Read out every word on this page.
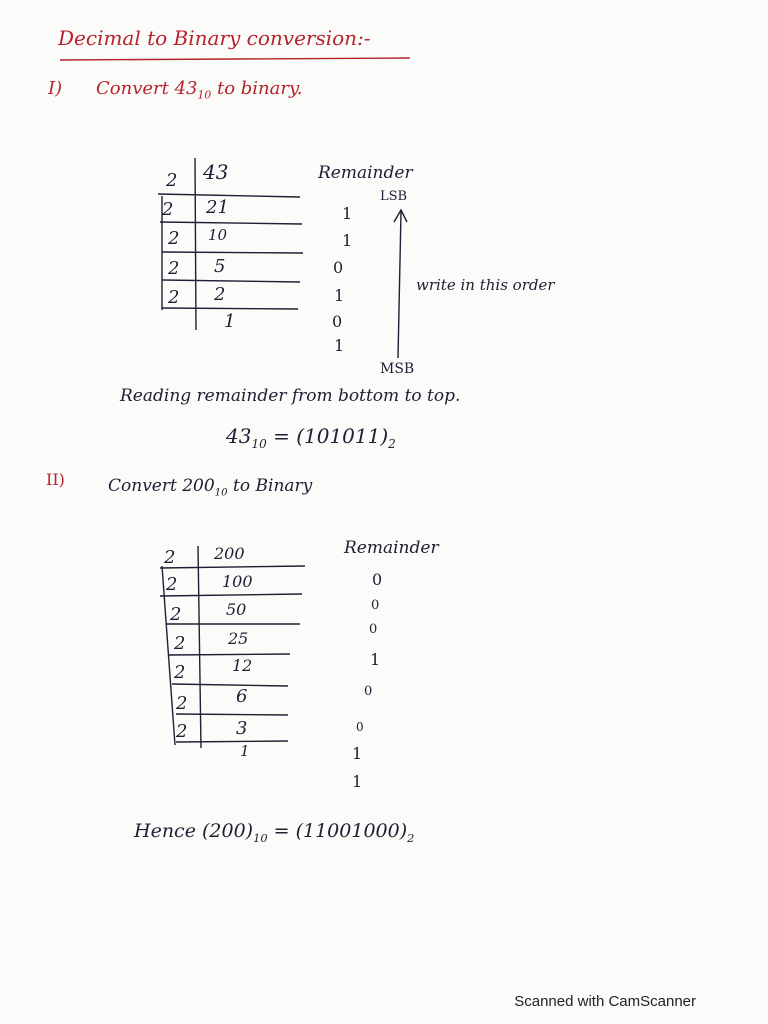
Decimal to Binary conversion:-
I) Convert $43_{10}$ to binary.
2
2
2
2
2
43
21
10
5
2
1
Remainder
LSB
1
1
0
1
0
1
write in this order
MSB
Reading remainder from bottom to top.
$43_{10} = (101011)_2$
II)	Convert $200_{10}$ to Binary
2
2
2
2
2
2
2
200
100
50
25
12
6
3
1
Remainder
0
0
0
1
0
0
1
1
Hence $(200)_{10} = (11001000)_2$
Scanned with CamScanner
